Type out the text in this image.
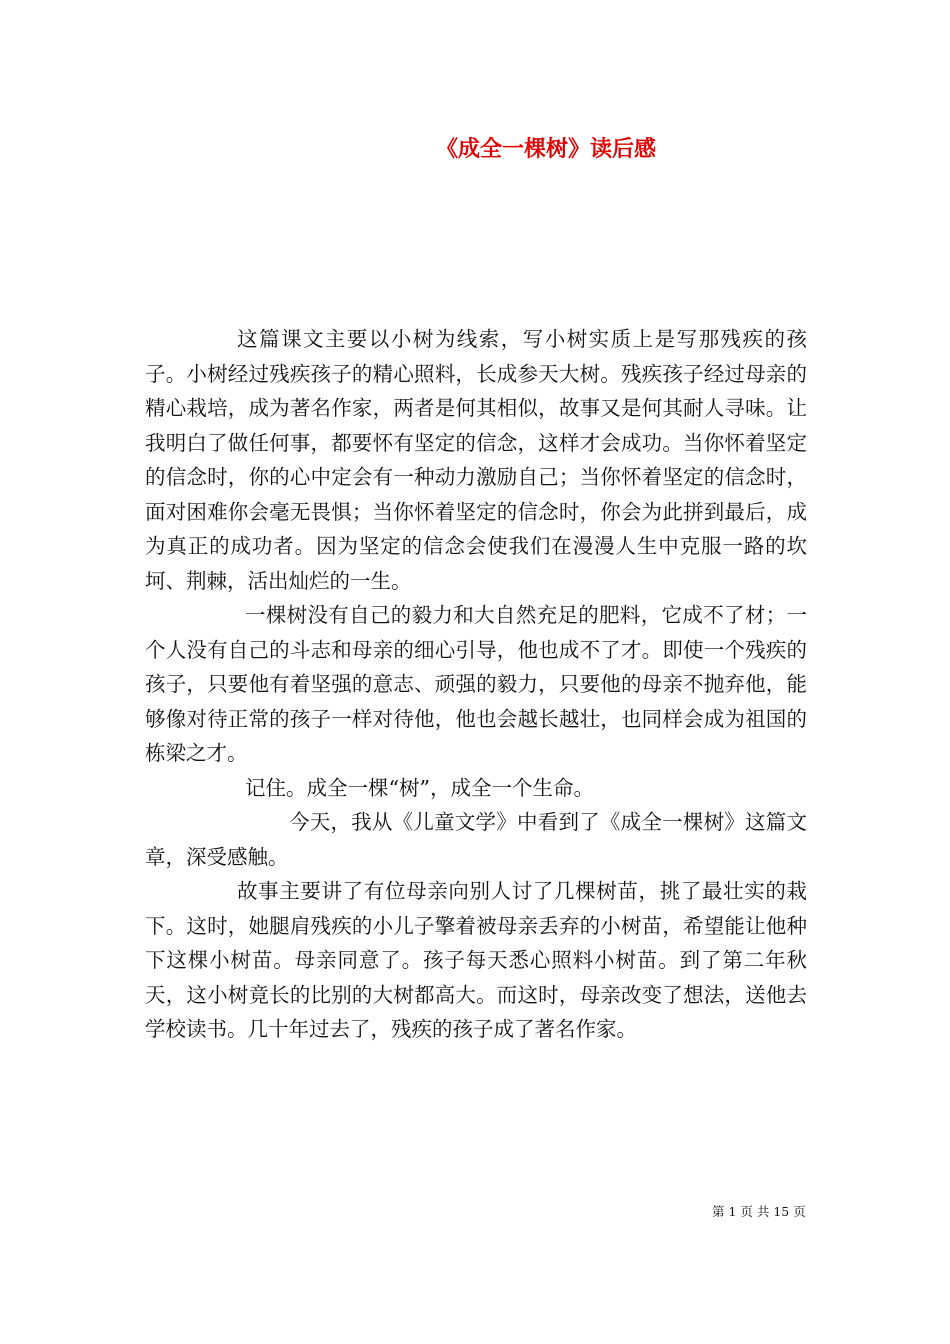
《成全一棵树》读后感

这篇课文主要以小树为线索，写小树实质上是写那残疾的孩子。小树经过残疾孩子的精心照料，长成参天大树。残疾孩子经过母亲的精心栽培，成为著名作家，两者是何其相似，故事又是何其耐人寻味。让我明白了做任何事，都要怀有坚定的信念，这样才会成功。当你怀着坚定的信念时，你的心中定会有一种动力激励自己；当你怀着坚定的信念时，面对困难你会毫无畏惧；当你怀着坚定的信念时，你会为此拼到最后，成为真正的成功者。因为坚定的信念会使我们在漫漫人生中克服一路的坎坷、荆棘，活出灿烂的一生。

一棵树没有自己的毅力和大自然充足的肥料，它成不了材；一个人没有自己的斗志和母亲的细心引导，他也成不了才。即使一个残疾的孩子，只要他有着坚强的意志、顽强的毅力，只要他的母亲不抛弃他，能够像对待正常的孩子一样对待他，他也会越长越壮，也同样会成为祖国的栋梁之才。

记住。成全一棵“树”，成全一个生命。

今天，我从《儿童文学》中看到了《成全一棵树》这篇文章，深受感触。

故事主要讲了有位母亲向别人讨了几棵树苗，挑了最壮实的栽下。这时，她腿肩残疾的小儿子擎着被母亲丢弃的小树苗，希望能让他种下这棵小树苗。母亲同意了。孩子每天悉心照料小树苗。到了第二年秋天，这小树竟长的比别的大树都高大。而这时，母亲改变了想法，送他去学校读书。几十年过去了，残疾的孩子成了著名作家。

第 1 页 共 15 页
